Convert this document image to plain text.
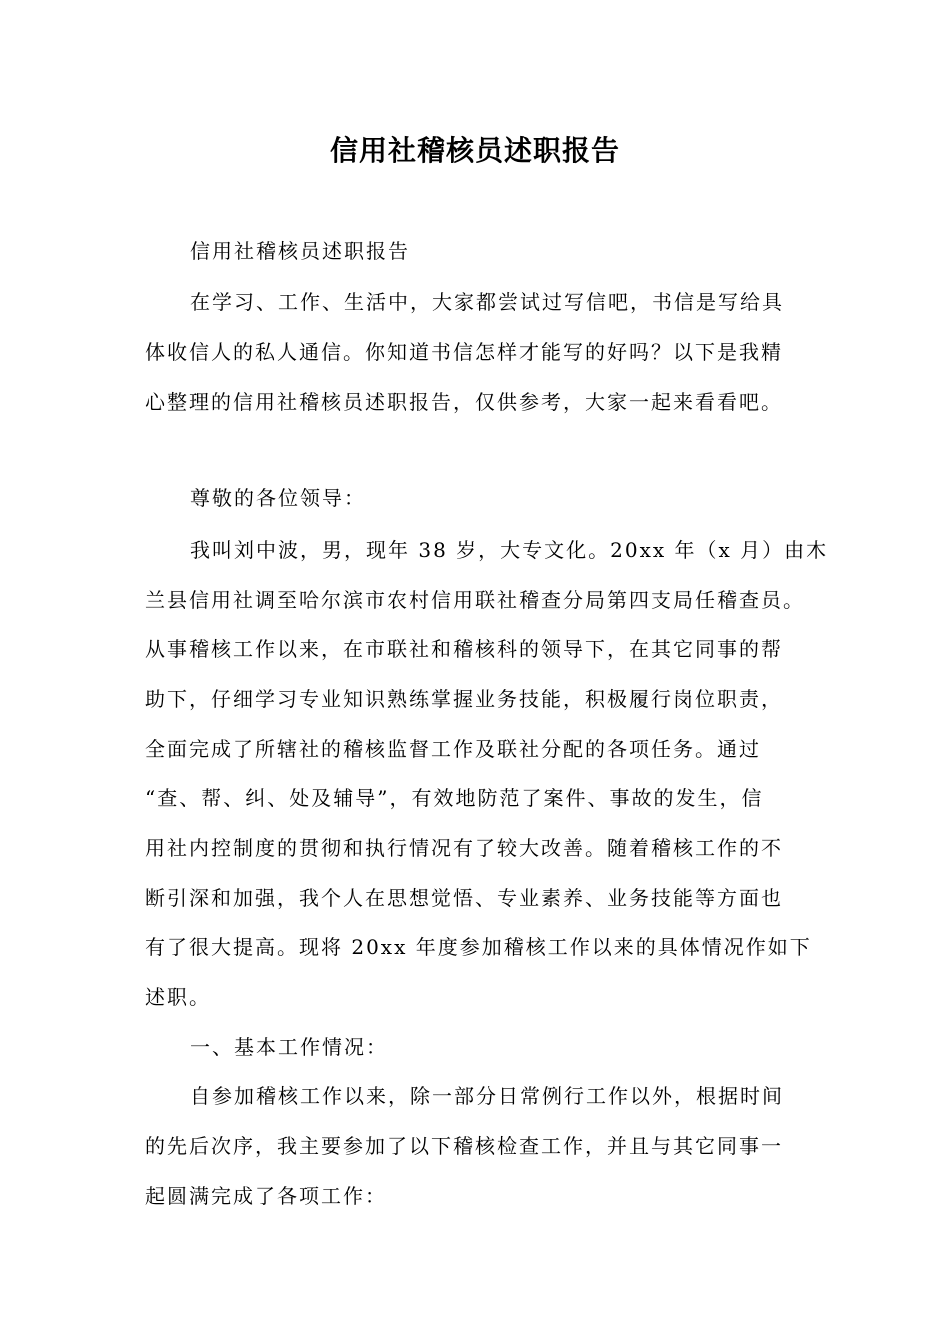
信用社稽核员述职报告

信用社稽核员述职报告

在学习、工作、生活中，大家都尝试过写信吧，书信是写给具

体收信人的私人通信。你知道书信怎样才能写的好吗？以下是我精

心整理的信用社稽核员述职报告，仅供参考，大家一起来看看吧。

尊敬的各位领导：

我叫刘中波，男，现年 38 岁，大专文化。20xx 年（x 月）由木

兰县信用社调至哈尔滨市农村信用联社稽查分局第四支局任稽查员。

从事稽核工作以来，在市联社和稽核科的领导下，在其它同事的帮

助下，仔细学习专业知识熟练掌握业务技能，积极履行岗位职责，

全面完成了所辖社的稽核监督工作及联社分配的各项任务。通过

“查、帮、纠、处及辅导”，有效地防范了案件、事故的发生，信

用社内控制度的贯彻和执行情况有了较大改善。随着稽核工作的不

断引深和加强，我个人在思想觉悟、专业素养、业务技能等方面也

有了很大提高。现将 20xx 年度参加稽核工作以来的具体情况作如下

述职。

一、基本工作情况：

自参加稽核工作以来，除一部分日常例行工作以外，根据时间

的先后次序，我主要参加了以下稽核检查工作，并且与其它同事一

起圆满完成了各项工作：
